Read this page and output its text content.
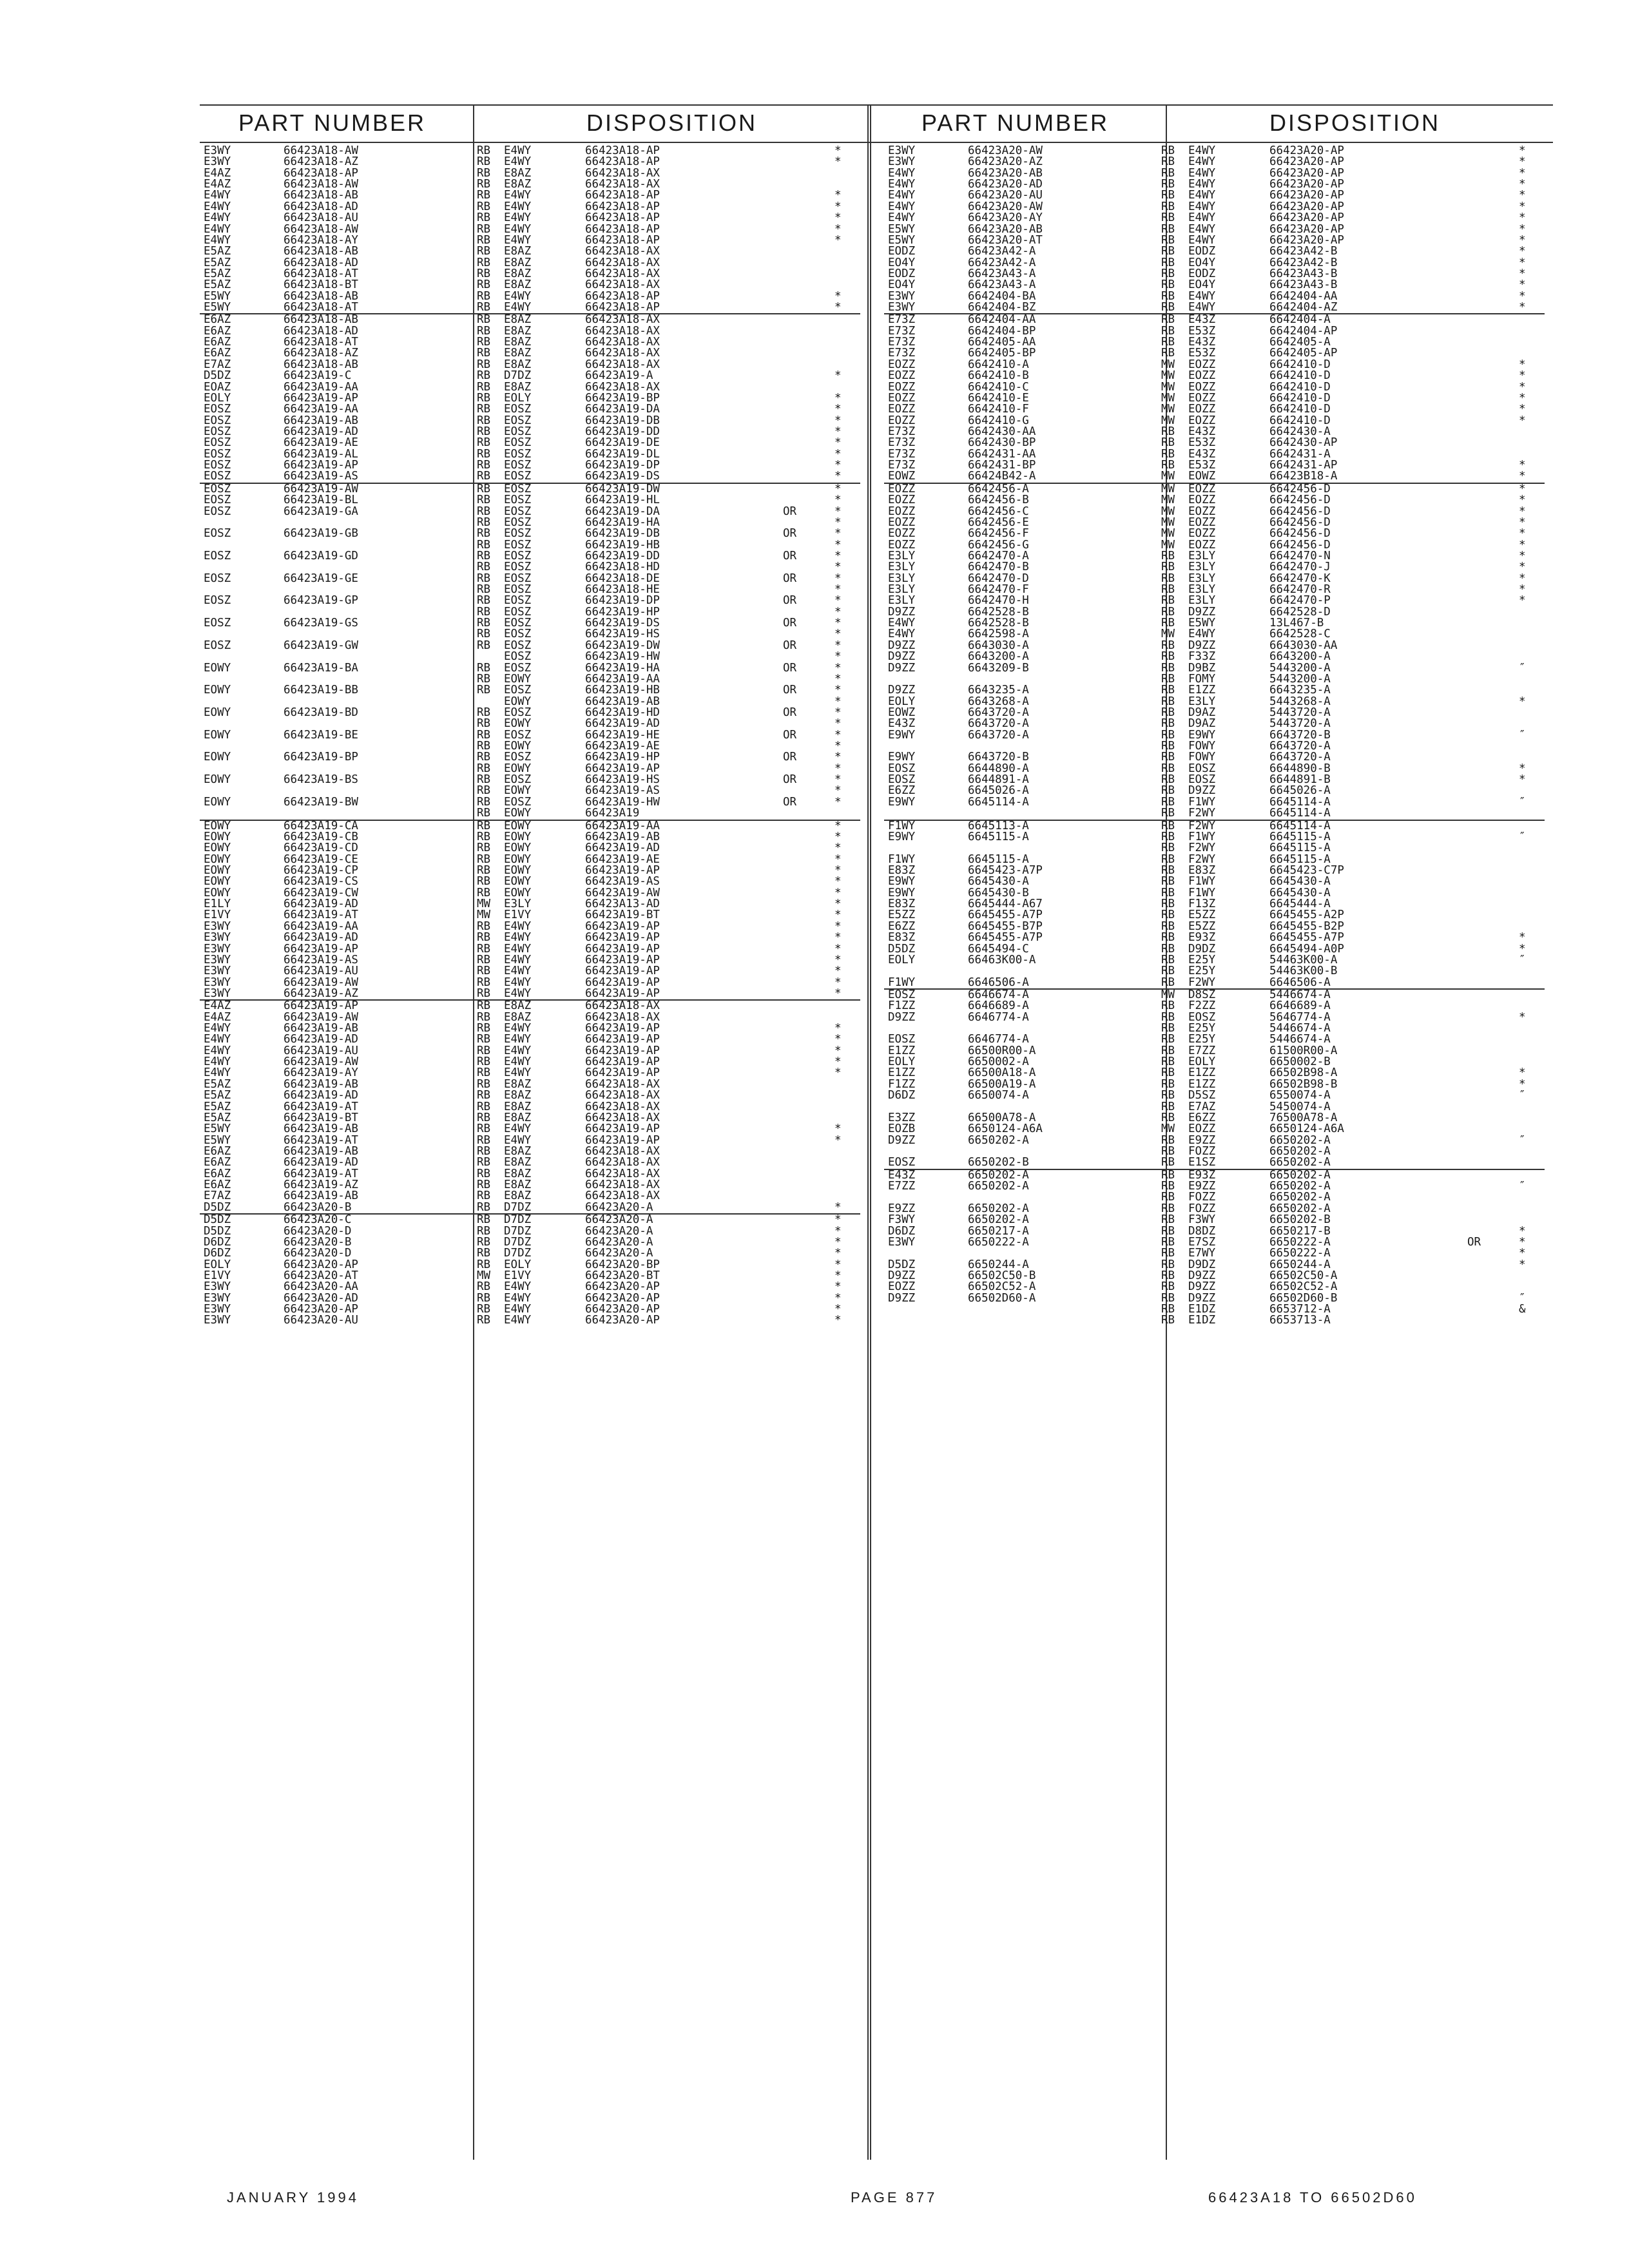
PART NUMBER	DISPOSITION	PART NUMBER	DISPOSITION
E3WY	66423A18-AW	RB E4WY	66423A18-AP	*
E3WY	66423A18-AZ	RB E4WY	66423A18-AP	*
E4AZ	66423A18-AP	RB E8AZ	66423A18-AX
E4AZ	66423A18-AW	RB E8AZ	66423A18-AX
E4WY	66423A18-AB	RB E4WY	66423A18-AP	*
E4WY	66423A18-AD	RB E4WY	66423A18-AP	*
E4WY	66423A18-AU	RB E4WY	66423A18-AP	*
E4WY	66423A18-AW	RB E4WY	66423A18-AP	*
E4WY	66423A18-AY	RB E4WY	66423A18-AP	*
E5AZ	66423A18-AB	RB E8AZ	66423A18-AX
E5AZ	66423A18-AD	RB E8AZ	66423A18-AX
E5AZ	66423A18-AT	RB E8AZ	66423A18-AX
E5AZ	66423A18-BT	RB E8AZ	66423A18-AX
E5WY	66423A18-AB	RB E4WY	66423A18-AP	*
E5WY	66423A18-AT	RB E4WY	66423A18-AP	*
E6AZ	66423A18-AB	RB E8AZ	66423A18-AX
E6AZ	66423A18-AD	RB E8AZ	66423A18-AX
E6AZ	66423A18-AT	RB E8AZ	66423A18-AX
E6AZ	66423A18-AZ	RB E8AZ	66423A18-AX
E7AZ	66423A18-AB	RB E8AZ	66423A18-AX
D5DZ	66423A19-C	RB D7DZ	66423A19-A	*
EOAZ	66423A19-AA	RB E8AZ	66423A18-AX
EOLY	66423A19-AP	RB EOLY	66423A19-BP	*
EOSZ	66423A19-AA	RB EOSZ	66423A19-DA	*
EOSZ	66423A19-AB	RB EOSZ	66423A19-DB	*
EOSZ	66423A19-AD	RB EOSZ	66423A19-DD	*
EOSZ	66423A19-AE	RB EOSZ	66423A19-DE	*
EOSZ	66423A19-AL	RB EOSZ	66423A19-DL	*
EOSZ	66423A19-AP	RB EOSZ	66423A19-DP	*
EOSZ	66423A19-AS	RB EOSZ	66423A19-DS	*
EOSZ	66423A19-AW	RB EOSZ	66423A19-DW	*
EOSZ	66423A19-BL	RB EOSZ	66423A19-HL	*
EOSZ	66423A19-GA	RB EOSZ	66423A19-DA	OR	*
RB EOSZ	66423A19-HA	*
EOSZ	66423A19-GB	RB EOSZ	66423A19-DB	OR	*
RB EOSZ	66423A19-HB	*
EOSZ	66423A19-GD	RB EOSZ	66423A19-DD	OR	*
RB EOSZ	66423A18-HD	*
EOSZ	66423A19-GE	RB EOSZ	66423A18-DE	OR	*
RB EOSZ	66423A18-HE	*
EOSZ	66423A19-GP	RB EOSZ	66423A19-DP	OR	*
RB EOSZ	66423A19-HP	*
EOSZ	66423A19-GS	RB EOSZ	66423A19-DS	OR	*
RB EOSZ	66423A19-HS	*
EOSZ	66423A19-GW	RB EOSZ	66423A19-DW	OR	*
EOSZ	66423A19-HW	*
EOWY	66423A19-BA	RB EOSZ	66423A19-HA	OR	*
RB EOWY	66423A19-AA	*
EOWY	66423A19-BB	RB EOSZ	66423A19-HB	OR	*
EOWY	66423A19-AB	*
EOWY	66423A19-BD	RB EOSZ	66423A19-HD	OR	*
RB EOWY	66423A19-AD	*
EOWY	66423A19-BE	RB EOSZ	66423A19-HE	OR	*
RB EOWY	66423A19-AE	*
EOWY	66423A19-BP	RB EOSZ	66423A19-HP	OR	*
RB EOWY	66423A19-AP	*
EOWY	66423A19-BS	RB EOSZ	66423A19-HS	OR	*
RB EOWY	66423A19-AS	*
EOWY	66423A19-BW	RB EOSZ	66423A19-HW	OR	*
RB EOWY	66423A19
EOWY	66423A19-CA	RB EOWY	66423A19-AA	*
EOWY	66423A19-CB	RB EOWY	66423A19-AB	*
EOWY	66423A19-CD	RB EOWY	66423A19-AD	*
EOWY	66423A19-CE	RB EOWY	66423A19-AE	*
EOWY	66423A19-CP	RB EOWY	66423A19-AP	*
EOWY	66423A19-CS	RB EOWY	66423A19-AS	*
EOWY	66423A19-CW	RB EOWY	66423A19-AW	*
E1LY	66423A19-AD	MW E3LY	66423A13-AD	*
E1VY	66423A19-AT	MW E1VY	66423A19-BT	*
E3WY	66423A19-AA	RB E4WY	66423A19-AP	*
E3WY	66423A19-AD	RB E4WY	66423A19-AP	*
E3WY	66423A19-AP	RB E4WY	66423A19-AP	*
E3WY	66423A19-AS	RB E4WY	66423A19-AP	*
E3WY	66423A19-AU	RB E4WY	66423A19-AP	*
E3WY	66423A19-AW	RB E4WY	66423A19-AP	*
E3WY	66423A19-AZ	RB E4WY	66423A19-AP	*
E4AZ	66423A19-AP	RB E8AZ	66423A18-AX
E4AZ	66423A19-AW	RB E8AZ	66423A18-AX
E4WY	66423A19-AB	RB E4WY	66423A19-AP	*
E4WY	66423A19-AD	RB E4WY	66423A19-AP	*
E4WY	66423A19-AU	RB E4WY	66423A19-AP	*
E4WY	66423A19-AW	RB E4WY	66423A19-AP	*
E4WY	66423A19-AY	RB E4WY	66423A19-AP	*
E5AZ	66423A19-AB	RB E8AZ	66423A18-AX
E5AZ	66423A19-AD	RB E8AZ	66423A18-AX
E5AZ	66423A19-AT	RB E8AZ	66423A18-AX
E5AZ	66423A19-BT	RB E8AZ	66423A18-AX
E5WY	66423A19-AB	RB E4WY	66423A19-AP	*
E5WY	66423A19-AT	RB E4WY	66423A19-AP	*
E6AZ	66423A19-AB	RB E8AZ	66423A18-AX
E6AZ	66423A19-AD	RB E8AZ	66423A18-AX
E6AZ	66423A19-AT	RB E8AZ	66423A18-AX
E6AZ	66423A19-AZ	RB E8AZ	66423A18-AX
E7AZ	66423A19-AB	RB E8AZ	66423A18-AX
D5DZ	66423A20-B	RB D7DZ	66423A20-A	*
D5DZ	66423A20-C	RB D7DZ	66423A20-A	*
D5DZ	66423A20-D	RB D7DZ	66423A20-A	*
D6DZ	66423A20-B	RB D7DZ	66423A20-A	*
D6DZ	66423A20-D	RB D7DZ	66423A20-A	*
EOLY	66423A20-AP	RB EOLY	66423A20-BP	*
E1VY	66423A20-AT	MW E1VY	66423A20-BT	*
E3WY	66423A20-AA	RB E4WY	66423A20-AP	*
E3WY	66423A20-AD	RB E4WY	66423A20-AP	*
E3WY	66423A20-AP	RB E4WY	66423A20-AP	*
E3WY	66423A20-AU	RB E4WY	66423A20-AP	*
E3WY	66423A20-AW	RB E4WY	66423A20-AP	*
E3WY	66423A20-AZ	RB E4WY	66423A20-AP	*
E4WY	66423A20-AB	RB E4WY	66423A20-AP	*
E4WY	66423A20-AD	RB E4WY	66423A20-AP	*
E4WY	66423A20-AU	RB E4WY	66423A20-AP	*
E4WY	66423A20-AW	RB E4WY	66423A20-AP	*
E4WY	66423A20-AY	RB E4WY	66423A20-AP	*
E5WY	66423A20-AB	RB E4WY	66423A20-AP	*
E5WY	66423A20-AT	RB E4WY	66423A20-AP	*
EODZ	66423A42-A	RB EODZ	66423A42-B	*
EO4Y	66423A42-A	RB EO4Y	66423A42-B	*
EODZ	66423A43-A	RB EODZ	66423A43-B	*
EO4Y	66423A43-A	RB EO4Y	66423A43-B	*
E3WY	6642404-BA	RB E4WY	6642404-AA	*
E3WY	6642404-BZ	RB E4WY	6642404-AZ	*
E73Z	6642404-AA	RB E43Z	6642404-A
E73Z	6642404-BP	RB E53Z	6642404-AP
E73Z	6642405-AA	RB E43Z	6642405-A
E73Z	6642405-BP	RB E53Z	6642405-AP
EOZZ	6642410-A	MW EOZZ	6642410-D	*
EOZZ	6642410-B	MW EOZZ	6642410-D	*
EOZZ	6642410-C	MW EOZZ	6642410-D	*
EOZZ	6642410-E	MW EOZZ	6642410-D	*
EOZZ	6642410-F	MW EOZZ	6642410-D	*
EOZZ	6642410-G	MW EOZZ	6642410-D	*
E73Z	6642430-AA	RB E43Z	6642430-A
E73Z	6642430-BP	RB E53Z	6642430-AP
E73Z	6642431-AA	RB E43Z	6642431-A
E73Z	6642431-BP	RB E53Z	6642431-AP	*
EOWZ	66424B42-A	MW EOWZ	66423B18-A	*
EOZZ	6642456-A	MW EOZZ	6642456-D	*
EOZZ	6642456-B	MW EOZZ	6642456-D	*
EOZZ	6642456-C	MW EOZZ	6642456-D	*
EOZZ	6642456-E	MW EOZZ	6642456-D	*
EOZZ	6642456-F	MW EOZZ	6642456-D	*
EOZZ	6642456-G	MW EOZZ	6642456-D	*
E3LY	6642470-A	RB E3LY	6642470-N	*
E3LY	6642470-B	RB E3LY	6642470-J	*
E3LY	6642470-D	RB E3LY	6642470-K	*
E3LY	6642470-F	RB E3LY	6642470-R	*
E3LY	6642470-H	RB E3LY	6642470-P	*
D9ZZ	6642528-B	RB D9ZZ	6642528-D
E4WY	6642528-B	RB E5WY	13L467-B
E4WY	6642598-A	MW E4WY	6642528-C
D9ZZ	6643030-A	RB D9ZZ	6643030-AA
D9ZZ	6643200-A	RB F33Z	6643200-A
D9ZZ	6643209-B	RB D9BZ	5443200-A	″
RB FOMY	5443200-A
D9ZZ	6643235-A	RB E1ZZ	6643235-A
EOLY	6643268-A	RB E3LY	5443268-A	*
EOWZ	6643720-A	RB D9AZ	5443720-A
E43Z	6643720-A	RB D9AZ	5443720-A
E9WY	6643720-A	RB E9WY	6643720-B	″
RB FOWY	6643720-A
E9WY	6643720-B	RB FOWY	6643720-A
EOSZ	6644890-A	RB EOSZ	6644890-B	*
EOSZ	6644891-A	RB EOSZ	6644891-B	*
E6ZZ	6645026-A	RB D9ZZ	6645026-A
E9WY	6645114-A	RB F1WY	6645114-A	″
RB F2WY	6645114-A
F1WY	6645113-A	RB F2WY	6645114-A
E9WY	6645115-A	RB F1WY	6645115-A	″
RB F2WY	6645115-A
F1WY	6645115-A	RB F2WY	6645115-A
E83Z	6645423-A7P	RB E83Z	6645423-C7P
E9WY	6645430-A	RB F1WY	6645430-A
E9WY	6645430-B	RB F1WY	6645430-A
E83Z	6645444-A67	RB F13Z	6645444-A
E5ZZ	6645455-A7P	RB E5ZZ	6645455-A2P
E6ZZ	6645455-B7P	RB E5ZZ	6645455-B2P
E83Z	6645455-A7P	RB E93Z	6645455-A7P	*
D5DZ	6645494-C	RB D9DZ	6645494-A0P	*
EOLY	66463K00-A	RB E25Y	54463K00-A	″
RB E25Y	54463K00-B
F1WY	6646506-A	RB F2WY	6646506-A
EOSZ	6646674-A	MW D8SZ	5446674-A
F1ZZ	6646689-A	RB F2ZZ	6646689-A
D9ZZ	6646774-A	RB EOSZ	5646774-A	*
RB E25Y	5446674-A
EOSZ	6646774-A	RB E25Y	5446674-A
E1ZZ	66500R00-A	RB E7ZZ	61500R00-A
EOLY	6650002-A	RB EOLY	6650002-B
E1ZZ	66500A18-A	RB E1ZZ	66502B98-A	*
F1ZZ	66500A19-A	RB E1ZZ	66502B98-B	*
D6DZ	6650074-A	RB D5SZ	6550074-A	″
RB E7AZ	5450074-A
E3ZZ	66500A78-A	RB E6ZZ	76500A78-A
EOZB	6650124-A6A	MW EOZZ	6650124-A6A
D9ZZ	6650202-A	RB E9ZZ	6650202-A	″
RB FOZZ	6650202-A
EOSZ	6650202-B	RB E1SZ	6650202-A
E43Z	6650202-A	RB E93Z	6650202-A
E7ZZ	6650202-A	RB E9ZZ	6650202-A	″
RB FOZZ	6650202-A
E9ZZ	6650202-A	RB FOZZ	6650202-A
F3WY	6650202-A	RB F3WY	6650202-B
D6DZ	6650217-A	RB D8DZ	6650217-B	*
E3WY	6650222-A	RB E7SZ	6650222-A	OR	*
RB E7WY	6650222-A	*
D5DZ	6650244-A	RB D9DZ	6650244-A	*
D9ZZ	66502C50-B	RB D9ZZ	66502C50-A
EOZZ	66502C52-A	RB D9ZZ	66502C52-A
D9ZZ	66502D60-A	RB D9ZZ	66502D60-B	″
RB E1DZ	6653712-A	&
RB E1DZ	6653713-A
JANUARY 1994	PAGE 877	66423A18 TO 66502D60
